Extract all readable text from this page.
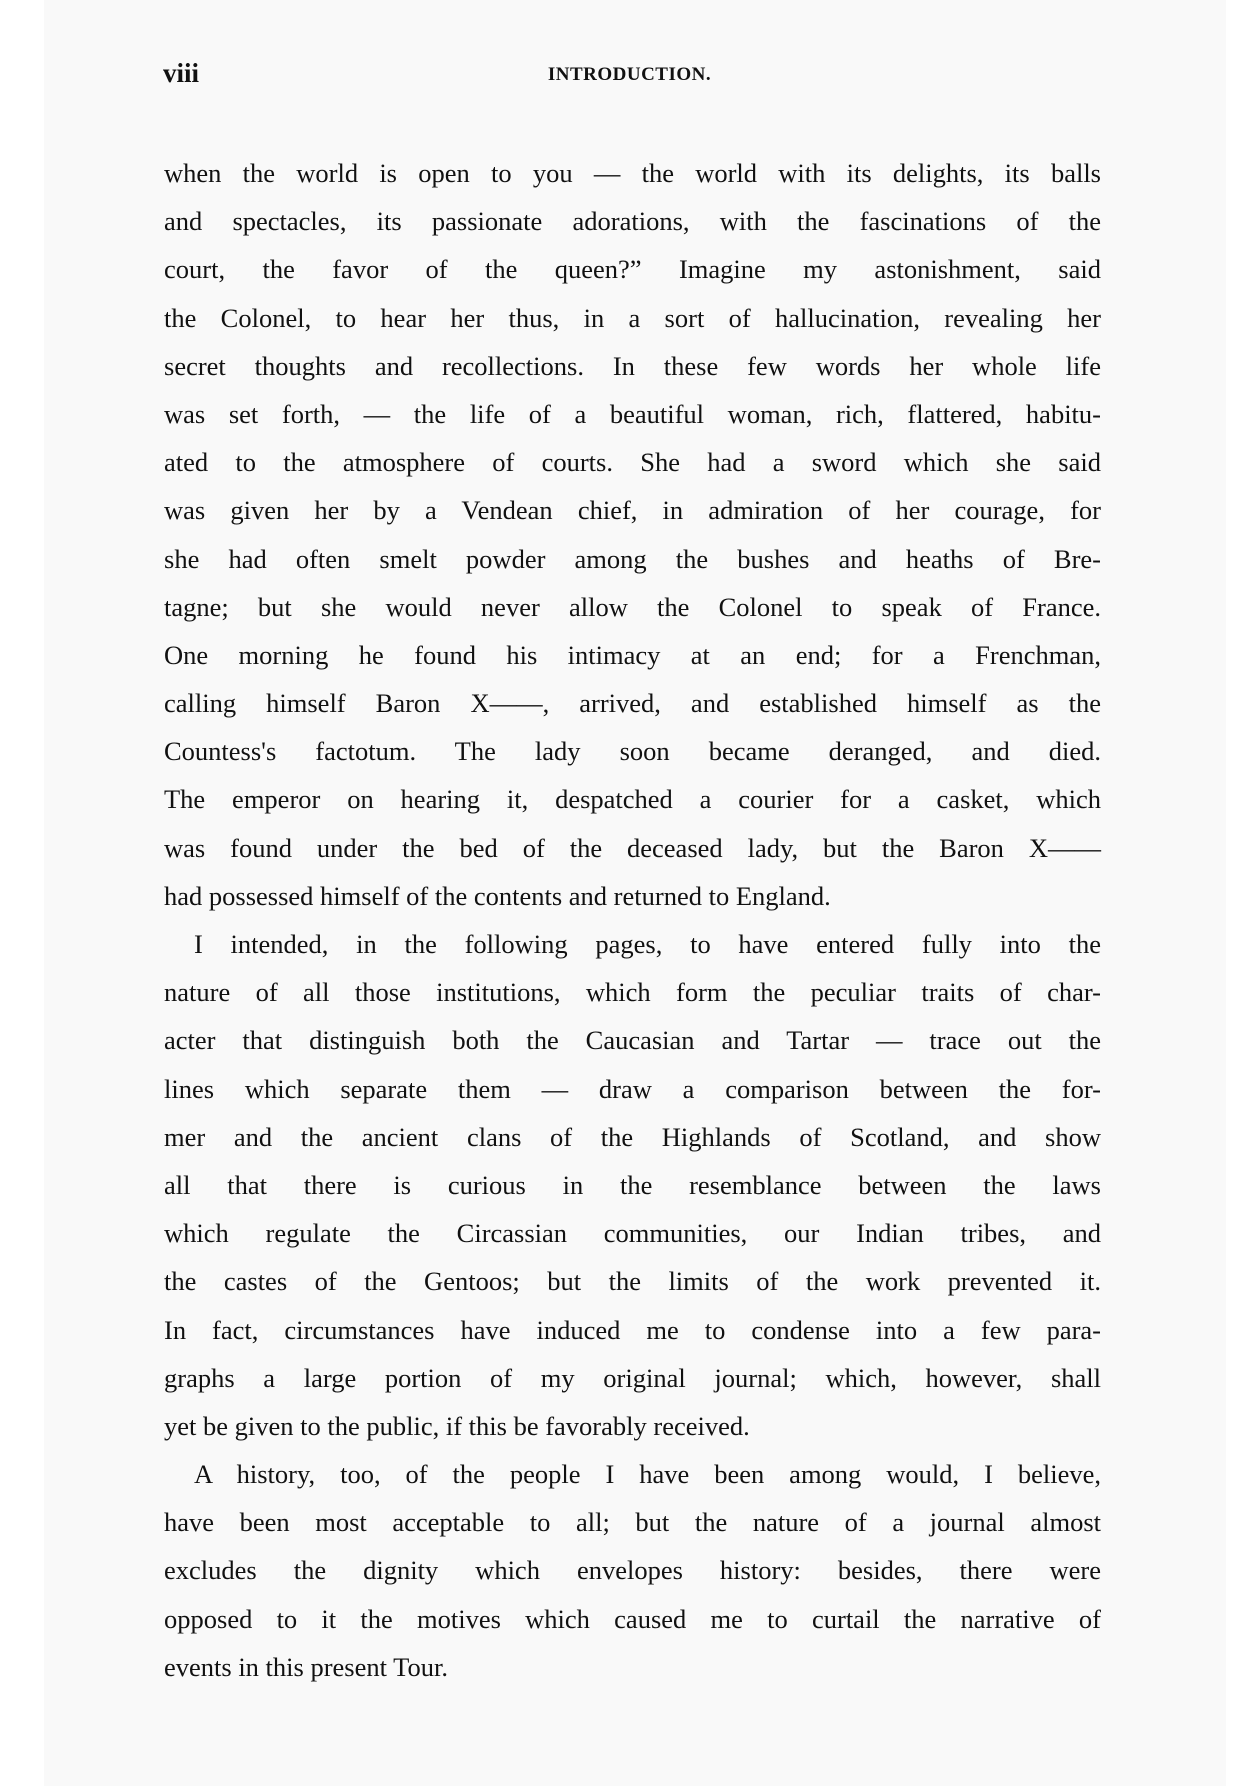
viii	INTRODUCTION.
when the world is open to you — the world with its delights, its balls
and spectacles, its passionate adorations, with the fascinations of the
court, the favor of the queen?” Imagine my astonishment, said
the Colonel, to hear her thus, in a sort of hallucination, revealing her
secret thoughts and recollections. In these few words her whole life
was set forth, — the life of a beautiful woman, rich, flattered, habitu-
ated to the atmosphere of courts. She had a sword which she said
was given her by a Vendean chief, in admiration of her courage, for
she had often smelt powder among the bushes and heaths of Bre-
tagne; but she would never allow the Colonel to speak of France.
One morning he found his intimacy at an end; for a Frenchman,
calling himself Baron X——, arrived, and established himself as the
Countess's factotum. The lady soon became deranged, and died.
The emperor on hearing it, despatched a courier for a casket, which
was found under the bed of the deceased lady, but the Baron X——
had possessed himself of the contents and returned to England.
I intended, in the following pages, to have entered fully into the
nature of all those institutions, which form the peculiar traits of char-
acter that distinguish both the Caucasian and Tartar — trace out the
lines which separate them — draw a comparison between the for-
mer and the ancient clans of the Highlands of Scotland, and show
all that there is curious in the resemblance between the laws
which regulate the Circassian communities, our Indian tribes, and
the castes of the Gentoos; but the limits of the work prevented it.
In fact, circumstances have induced me to condense into a few para-
graphs a large portion of my original journal; which, however, shall
yet be given to the public, if this be favorably received.
A history, too, of the people I have been among would, I believe,
have been most acceptable to all; but the nature of a journal almost
excludes the dignity which envelopes history: besides, there were
opposed to it the motives which caused me to curtail the narrative of
events in this present Tour.
